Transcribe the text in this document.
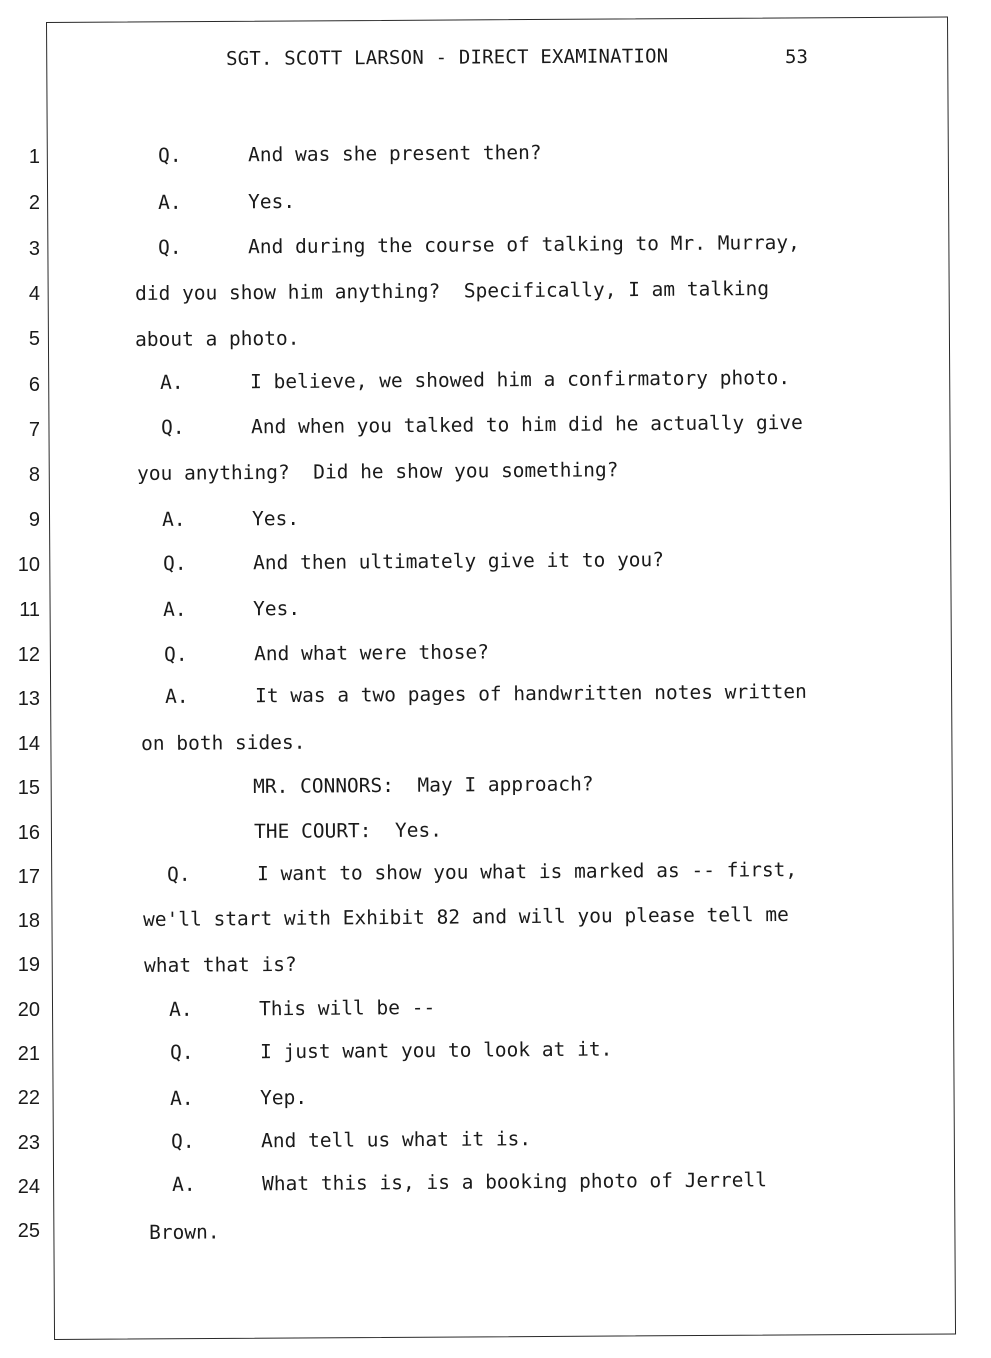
SGT. SCOTT LARSON - DIRECT EXAMINATION	53
1
2
3
4
5
6
7
8
9
10
11
12
13
14
15
16
17
18
19
20
21
22
23
24
25
Q.	And was she present then?
A.	Yes.
Q.	And during the course of talking to Mr. Murray,
did you show him anything?  Specifically, I am talking
about a photo.
A.	I believe, we showed him a confirmatory photo.
Q.	And when you talked to him did he actually give
you anything?  Did he show you something?
A.	Yes.
Q.	And then ultimately give it to you?
A.	Yes.
Q.	And what were those?
A.	It was a two pages of handwritten notes written
on both sides.
MR. CONNORS:  May I approach?
THE COURT:  Yes.
Q.	I want to show you what is marked as -- first,
we'll start with Exhibit 82 and will you please tell me
what that is?
A.	This will be --
Q.	I just want you to look at it.
A.	Yep.
Q.	And tell us what it is.
A.	What this is, is a booking photo of Jerrell
Brown.
